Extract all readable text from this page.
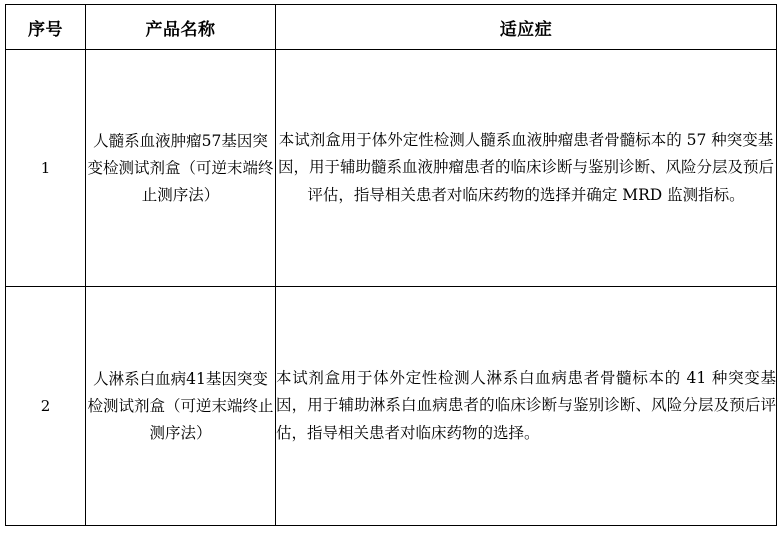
序号	产品名称	适应症
1	人髓系血液肿瘤57基因突变检测试剂盒（可逆末端终止测序法）	本试剂盒用于体外定性检测人髓系血液肿瘤患者骨髓标本的 57 种突变基因，用于辅助髓系血液肿瘤患者的临床诊断与鉴别诊断、风险分层及预后评估，指导相关患者对临床药物的选择并确定 MRD 监测指标。
2	人淋系白血病41基因突变检测试剂盒（可逆末端终止测序法）	本试剂盒用于体外定性检测人淋系白血病患者骨髓标本的 41 种突变基因，用于辅助淋系白血病患者的临床诊断与鉴别诊断、风险分层及预后评估，指导相关患者对临床药物的选择。
